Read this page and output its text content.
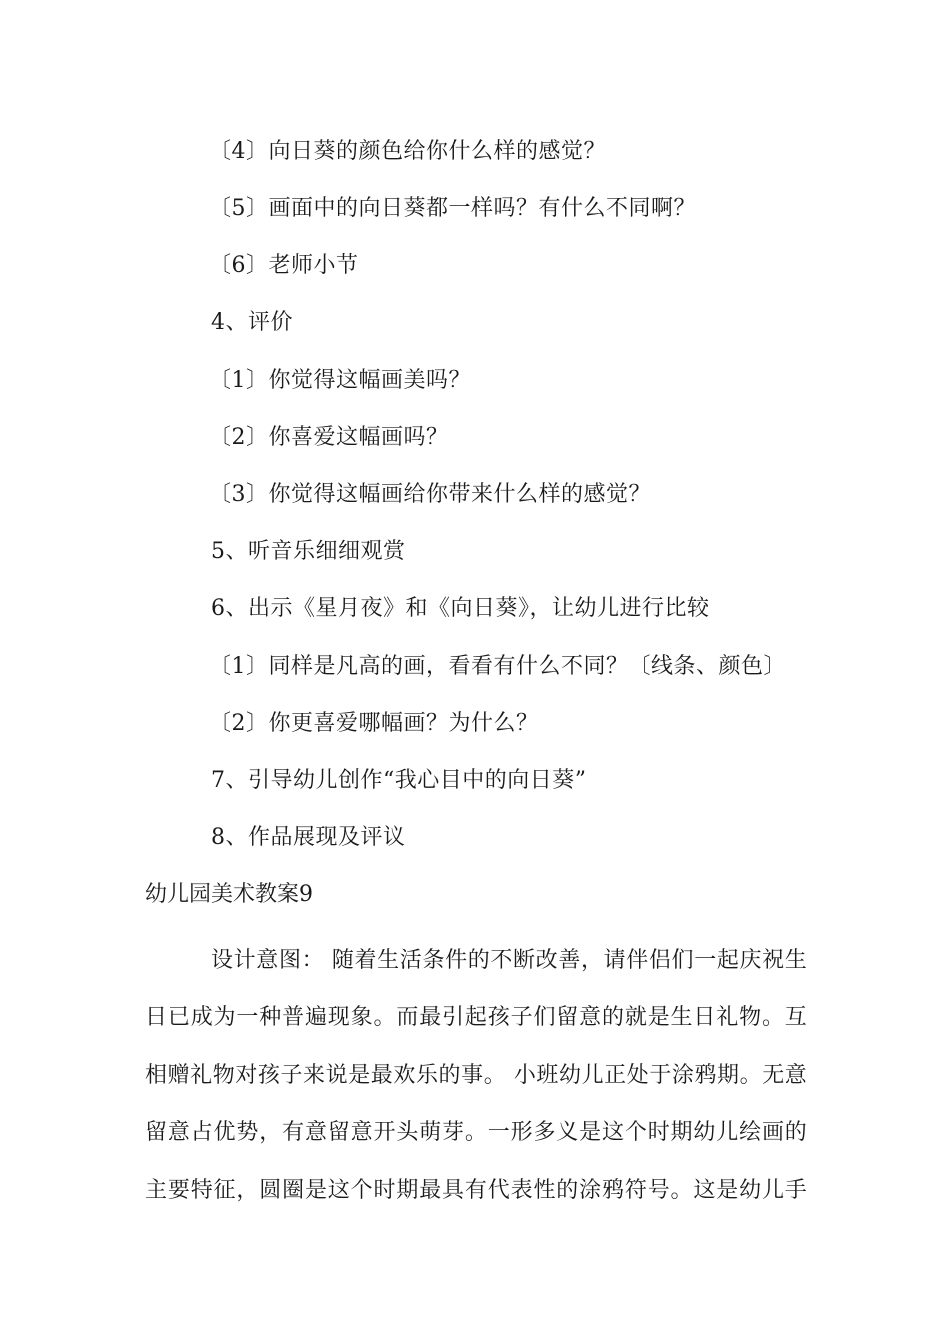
〔4〕向日葵的颜色给你什么样的感觉？
〔5〕画面中的向日葵都一样吗？有什么不同啊？
〔6〕老师小节
4、评价
〔1〕你觉得这幅画美吗？
〔2〕你喜爱这幅画吗？
〔3〕你觉得这幅画给你带来什么样的感觉？
5、听音乐细细观赏
6、出示《星月夜》和《向日葵》，让幼儿进行比较
〔1〕同样是凡高的画，看看有什么不同？〔线条、颜色〕
〔2〕你更喜爱哪幅画？为什么？
7、引导幼儿创作“我心目中的向日葵”
8、作品展现及评议
幼儿园美术教案9
设计意图： 随着生活条件的不断改善，请伴侣们一起庆祝生
日已成为一种普遍现象。而最引起孩子们留意的就是生日礼物。互
相赠礼物对孩子来说是最欢乐的事。 小班幼儿正处于涂鸦期。无意
留意占优势，有意留意开头萌芽。一形多义是这个时期幼儿绘画的
主要特征，圆圈是这个时期最具有代表性的涂鸦符号。这是幼儿手
